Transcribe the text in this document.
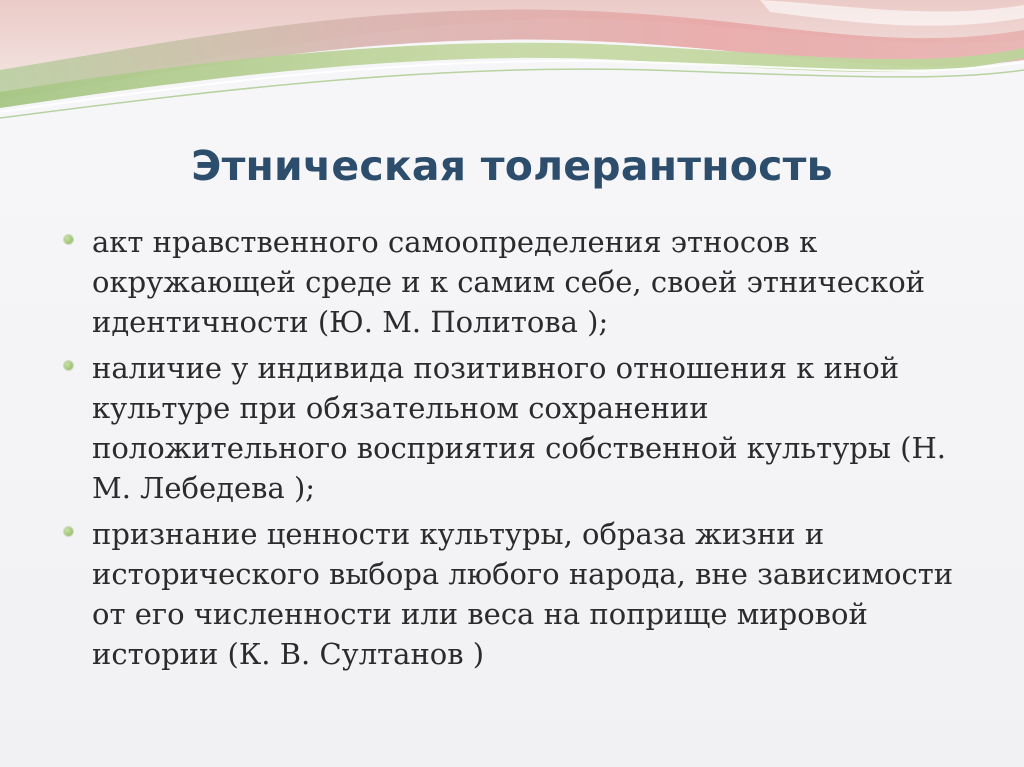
Этническая толерантность
акт нравственного самоопределения этносов к окружающей среде и к самим себе, своей этнической идентичности (Ю. М. Политова );
наличие у индивида позитивного отношения к иной культуре при обязательном сохранении положительного восприятия собственной культуры (Н. М. Лебедева );
признание ценности культуры, образа жизни и исторического выбора любого народа, вне зависимости от его численности или веса на поприще мировой истории (К. В. Султанов )
